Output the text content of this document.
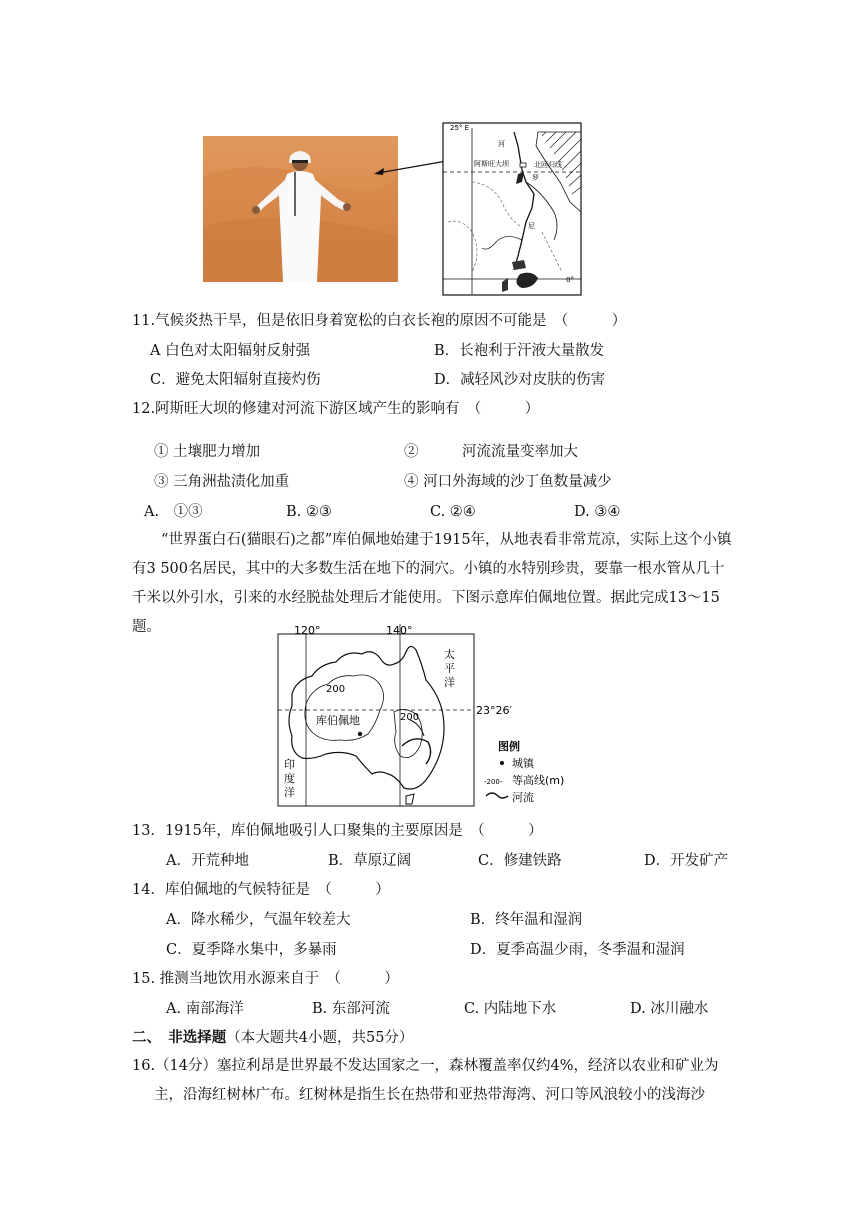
25° E
河
阿斯旺大坝	北回归线
罗
尼
0°
11.气候炎热干旱，但是依旧身着宽松的白衣长袍的原因不可能是　（　　　）
A 白色对太阳辐射反射强	B．长袍利于汗液大量散发
C．避免太阳辐射直接灼伤	D．减轻风沙对皮肤的伤害
12.阿斯旺大坝的修建对河流下游区域产生的影响有　（　　　）
① 土壤肥力增加	②　　　河流流量变率加大
③ 三角洲盐渍化加重	④ 河口外海域的沙丁鱼数量减少
A.　①③	B. ②③	C. ②④	D. ③④
“世界蛋白石(猫眼石)之都”库伯佩地始建于1915年，从地表看非常荒凉，实际上这个小镇有3 500名居民，其中的大多数生活在地下的洞穴。小镇的水特别珍贵，要靠一根水管从几十千米以外引水，引来的水经脱盐处理后才能使用。下图示意库伯佩地位置。据此完成13～15题。	120°	140°
太
平
洋
印
度
洋
23°26′
库伯佩地
200
200
图例
城镇
-200- 等高线(m)
河流
13．1915年，库伯佩地吸引人口聚集的主要原因是　（　　　）
A．开荒种地	B．草原辽阔	C．修建铁路	D．开发矿产
14．库伯佩地的气候特征是　（　　　）
A．降水稀少，气温年较差大	B．终年温和湿润
C．夏季降水集中，多暴雨	D．夏季高温少雨，冬季温和湿润
15. 推测当地饮用水源来自于　（　　　）
A. 南部海洋	B. 东部河流	C. 内陆地下水	D. 冰川融水
二、　非选择题（本大题共4小题，共55分）
16.（14分）塞拉利昂是世界最不发达国家之一，森林覆盖率仅约4%，经济以农业和矿业为主，沿海红树林广布。红树林是指生长在热带和亚热带海湾、河口等风浪较小的浅海沙
